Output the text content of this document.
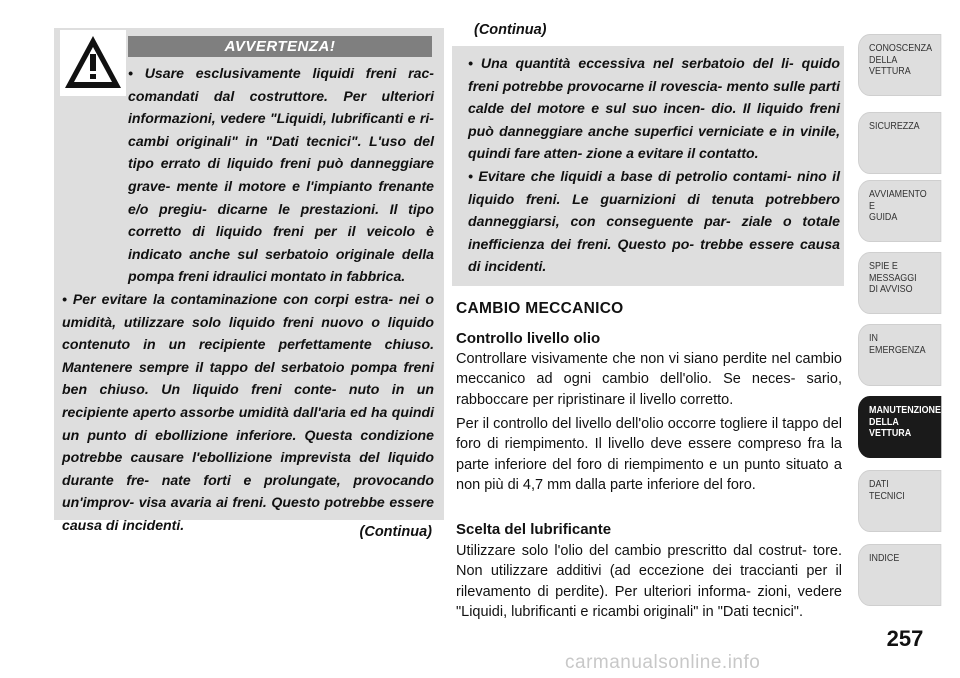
AVVERTENZA!

• Usare esclusivamente liquidi freni rac- comandati dal costruttore. Per ulteriori informazioni, vedere "Liquidi, lubrificanti e ri- cambi originali" in "Dati tecnici". L'uso del tipo errato di liquido freni può danneggiare grave- mente il motore e l'impianto frenante e/o pregiu- dicarne le prestazioni. Il tipo corretto di liquido freni per il veicolo è indicato anche sul serbatoio originale della pompa freni idraulici montato in fabbrica.

• Per evitare la contaminazione con corpi estra- nei o umidità, utilizzare solo liquido freni nuovo o liquido contenuto in un recipiente perfettamente chiuso. Mantenere sempre il tappo del serbatoio pompa freni ben chiuso. Un liquido freni conte- nuto in un recipiente aperto assorbe umidità dall'aria ed ha quindi un punto di ebollizione inferiore. Questa condizione potrebbe causare l'ebollizione imprevista del liquido durante fre- nate forti e prolungate, provocando un'improv- visa avaria ai freni. Questo potrebbe essere causa di incidenti.	(Continua)
(Continua)

• Una quantità eccessiva nel serbatoio del li- quido freni potrebbe provocarne il rovescia- mento sulle parti calde del motore e sul suo incen- dio. Il liquido freni può danneggiare anche superfici verniciate e in vinile, quindi fare atten- zione a evitare il contatto.

• Evitare che liquidi a base di petrolio contami- nino il liquido freni. Le guarnizioni di tenuta potrebbero danneggiarsi, con conseguente par- ziale o totale inefficienza dei freni. Questo po- trebbe essere causa di incidenti.

CAMBIO MECCANICO
Controllo livello olio

Controllare visivamente che non vi siano perdite nel cambio meccanico ad ogni cambio dell'olio. Se neces- sario, rabboccare per ripristinare il livello corretto.

Per il controllo del livello dell'olio occorre togliere il tappo del foro di riempimento. Il livello deve essere compreso fra la parte inferiore del foro di riempimento e un punto situato a non più di 4,7 mm dalla parte inferiore del foro.

Scelta del lubrificante

Utilizzare solo l'olio del cambio prescritto dal costrut- tore. Non utilizzare additivi (ad eccezione dei traccianti per il rilevamento di perdite). Per ulteriori informa- zioni, vedere "Liquidi, lubrificanti e ricambi originali" in "Dati tecnici".

CONOSCENZA
DELLA
VETTURA
SICUREZZA
AVVIAMENTO
E
GUIDA
SPIE E
MESSAGGI
DI AVVISO
IN
EMERGENZA
MANUTENZIONE
DELLA
VETTURA
DATI
TECNICI
INDICE
257
carmanualsonline.info
